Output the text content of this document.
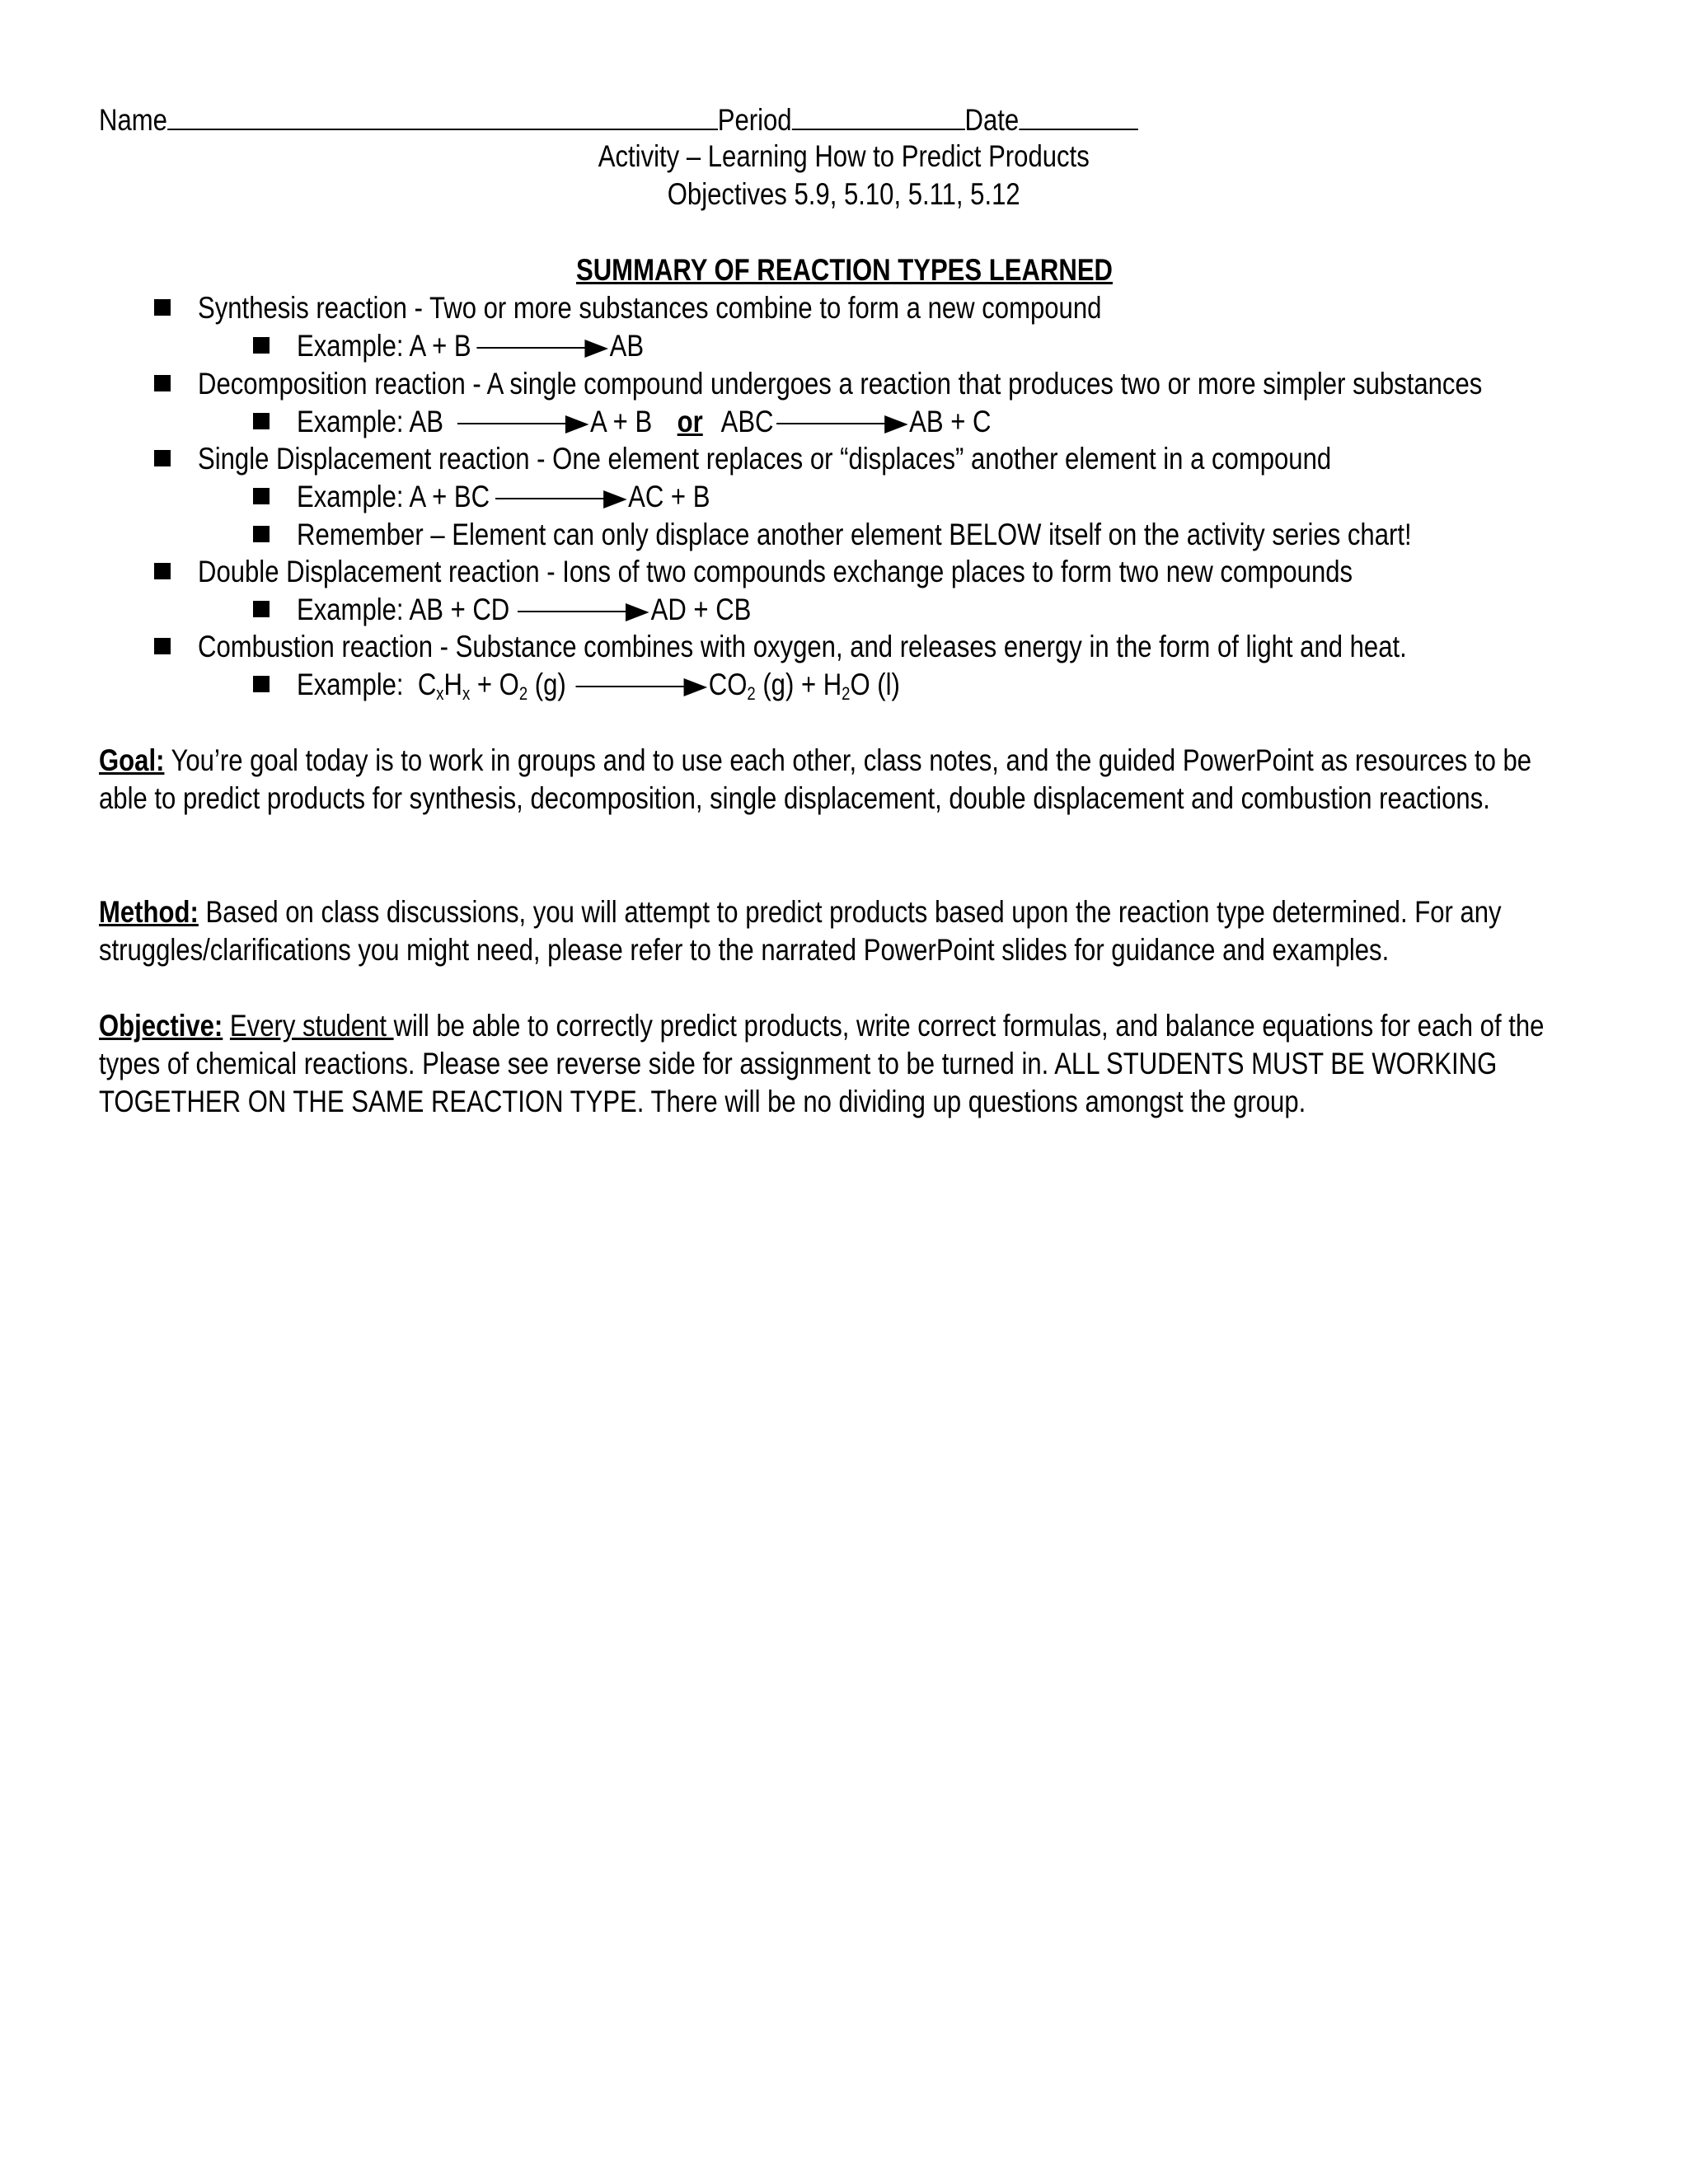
Name	Period	Date
Activity – Learning How to Predict Products
Objectives 5.9, 5.10, 5.11, 5.12
SUMMARY OF REACTION TYPES LEARNED
Synthesis reaction - Two or more substances combine to form a new compound
Example: A + B	AB
Decomposition reaction - A single compound undergoes a reaction that produces two or more simpler substances
Example: AB	A + B or ABC	AB + C
Single Displacement reaction - One element replaces or “displaces” another element in a compound
Example: A + BC	AC + B
Remember – Element can only displace another element BELOW itself on the activity series chart!
Double Displacement reaction - Ions of two compounds exchange places to form two new compounds
Example: AB + CD	AD + CB
Combustion reaction - Substance combines with oxygen, and releases energy in the form of light and heat.
Example: $C_xH_x + O_2$ (g)	$CO_2$ $(g) + H_2O$ (l)
Goal: You’re goal today is to work in groups and to use each other, class notes, and the guided PowerPoint as resources to be able to predict products for synthesis, decomposition, single displacement, double displacement and combustion reactions.
Method: Based on class discussions, you will attempt to predict products based upon the reaction type determined. For any struggles/clarifications you might need, please refer to the narrated PowerPoint slides for guidance and examples.
Objective: Every student will be able to correctly predict products, write correct formulas, and balance equations for each of the types of chemical reactions. Please see reverse side for assignment to be turned in. ALL STUDENTS MUST BE WORKING TOGETHER ON THE SAME REACTION TYPE. There will be no dividing up questions amongst the group.
